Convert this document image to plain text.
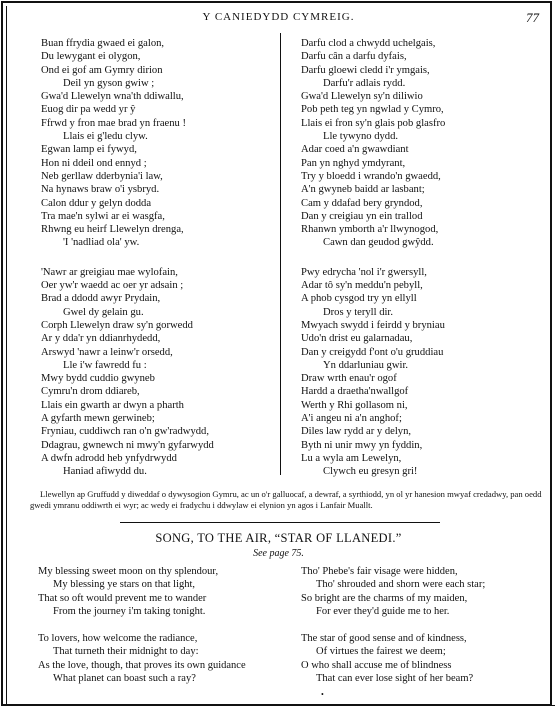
Y CANIEDYDD CYMREIG.	77
Buan ffrydia gwaed ei galon,
Du lewygant ei olygon,
Ond ei gof am Gymry dirion
Deil yn gyson gwiw ;
Gwa'd Llewelyn wna'th ddiwallu,
Euog dir pa wedd yr ŷ
Ffrwd y fron mae brad yn fraenu !
Llais ei g'ledu clyw.
Egwan lamp ei fywyd,
Hon ni ddeil ond ennyd ;
Neb gerllaw dderbynia'i law,
Na hynaws braw o'i ysbryd.
Calon ddur y gelyn dodda
Tra mae'n sylwi ar ei wasgfa,
Rhwng eu heirf Llewelyn drenga,
'I 'nadliad ola' yw.
'Nawr ar greigiau mae wylofain,
Oer yw'r waedd ac oer yr adsain ;
Brad a ddodd awyr Prydain,
Gwel dy gelain gu.
Corph Llewelyn draw sy'n gorwedd
Ar y dda'r yn ddianrhydedd,
Arswyd 'nawr a leinw'r orsedd,
Lle i'w fawredd fu :
Mwy bydd cuddio gwyneb
Cymru'n drom ddiareb,
Llais ein gwarth ar dwyn a pharth
A gyfarth mewn gerwineb;
Fryniau, cuddiwch ran o'n gw'radwydd,
Ddagrau, gwnewch ni mwy'n gyfarwydd
A dwfn adrodd heb ynfydrwydd
Haniad afiwydd du.
Darfu clod a chwydd uchelgais,
Darfu cân a darfu dyfais,
Darfu gloewi cledd i'r ymgais,
Darfu'r adlais rydd.
Gwa'd Llewelyn sy'n diliwio
Pob peth teg yn ngwlad y Cymro,
Llais ei fron sy'n glais pob glasfro
Lle tywyno dydd.
Adar coed a'n gwawdiant
Pan yn nghyd ymdyrant,
Try y bloedd i wrando'n gwaedd,
A'n gwyneb baidd ar lasbant;
Cam y ddafad bery gryndod,
Dan y creigiau yn ein trallod
Rhanwn ymborth a'r llwynogod,
Cawn dan geudod gwŷdd.
Pwy edrycha 'nol i'r gwersyll,
Adar tô sy'n meddu'n pebyll,
A phob cysgod try yn ellyll
Dros y teryll dir.
Mwyach swydd i feirdd y bryniau
Udo'n drist eu galarnadau,
Dan y creigydd f'ont o'u gruddiau
Yn ddarluniau gwir.
Draw wrth enau'r ogof
Hardd a draetha'nwallgof
Werth y Rhi gollasom ni,
A'i angeu ni a'n anghof;
Diles law rydd ar y delyn,
Byth ni unir mwy yn fyddin,
Lu a wyla am Lewelyn,
Clywch eu gresyn gri!
Llewellyn ap Gruffudd y diweddaf o dywysogion Gymru, ac un o'r galluocaf, a dewraf, a syrthiodd, yn ol yr hanesion mwyaf credadwy, pan oedd gwedi ymranu oddiwrth ei wyr; ac wedy ei fradychu i ddwylaw ei elynion yn agos i Lanfair Muallt.
SONG, TO THE AIR, “STAR OF LLANEDI.”
See page 75.
My blessing sweet moon on thy splendour,
My blessing ye stars on that light,
That so oft would prevent me to wander
From the journey i'm taking tonight.
To lovers, how welcome the radiance,
That turneth their midnight to day:
As the love, though, that proves its own guidance
What planet can boast such a ray?
Tho' Phebe's fair visage were hidden,
Tho' shrouded and shorn were each star;
So bright are the charms of my maiden,
For ever they'd guide me to her.
The star of good sense and of kindness,
Of virtues the fairest we deem;
O who shall accuse me of blindness
That can ever lose sight of her beam?
•
